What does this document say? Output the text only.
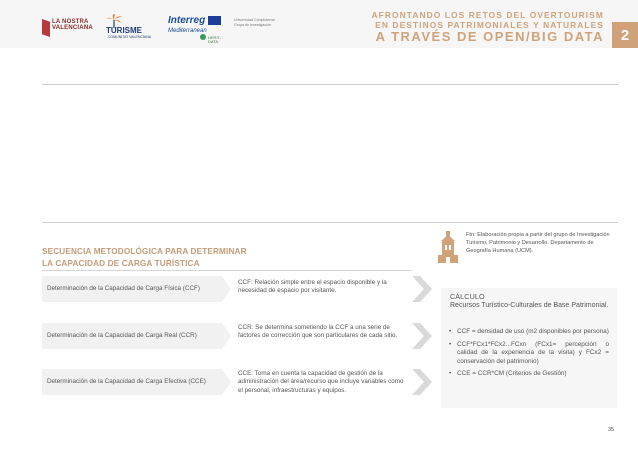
LA NOSTRA VALENCIANA TURISME
COMUNITAT VALENCIANA
Interreg
Mediterranean
HERIT-DATA
Universidad Complutense
Grupo de Investigación
AFRONTANDO LOS RETOS DEL OVERTOURISM
EN DESTINOS PATRIMONIALES Y NATURALES
A TRAVÉS DE OPEN/BIG DATA	2
SECUENCIA METODOLÓGICA PARA DETERMINAR
LA CAPACIDAD DE CARGA TURÍSTICA
Determinación de la Capacidad de Carga Física (CCF)
CCF: Relación simple entre el espacio disponible y la necesidad de espacio por visitante.
Determinación de la Capacidad de Carga Real (CCR)
CCR: Se determina sometiendo la CCF a una serie de factores de corrección que son particulares de cada sitio.
Determinación de la Capacidad de Carga Efectiva (CCE)
CCE: Toma en cuenta la capacidad de gestión de la administración del área/recurso que incluye variables como el personal, infraestructuras y equipos.
Ftn: Elaboración propia a partir del grupo de Investigación Turismo, Patrimonio y Desarrollo. Departamento de Geografía Humana (UCM).
CÁLCULO
Recursos Turístico-Culturales de Base Patrimonial.
• CCF = densidad de uso (m2 disponibles por persona)
• CCF*FCx1*FCx2...FCxn (FCx1= percepción o calidad de la experiencia de la visita) y FCx2 = conservación del patrimonio)
• CCE = CCR*CM (Criterios de Gestión)
35
